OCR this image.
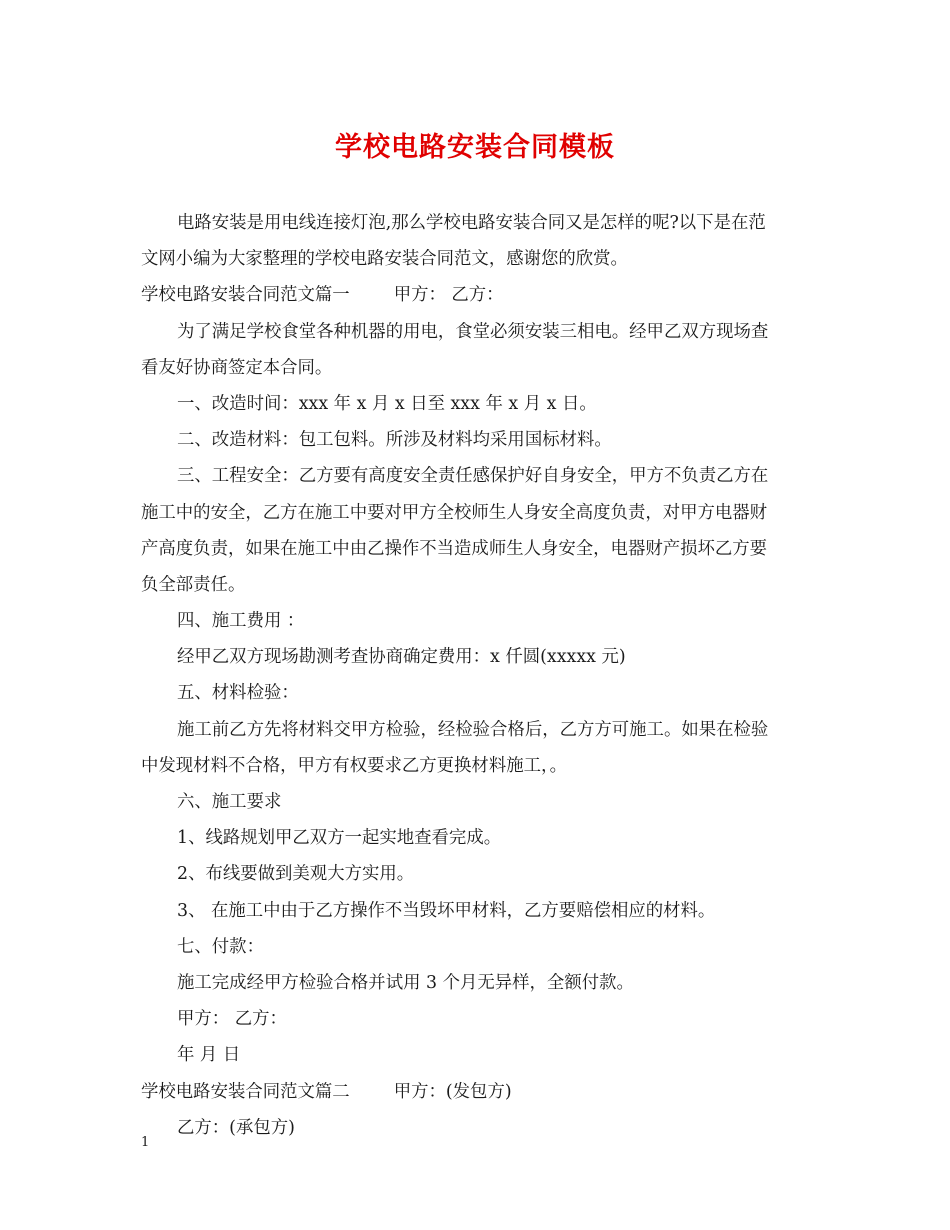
学校电路安装合同模板
电路安装是用电线连接灯泡,那么学校电路安装合同又是怎样的呢?以下是在范
文网小编为大家整理的学校电路安装合同范文，感谢您的欣赏。
学校电路安装合同范文篇一	甲方： 乙方：
为了满足学校食堂各种机器的用电，食堂必须安装三相电。经甲乙双方现场查
看友好协商签定本合同。
一、改造时间：xxx 年 x 月 x 日至 xxx 年 x 月 x 日。
二、改造材料：包工包料。所涉及材料均采用国标材料。
三、工程安全：乙方要有高度安全责任感保护好自身安全，甲方不负责乙方在
施工中的安全，乙方在施工中要对甲方全校师生人身安全高度负责，对甲方电器财
产高度负责，如果在施工中由乙操作不当造成师生人身安全，电器财产损坏乙方要
负全部责任。
四、施工费用 ：
经甲乙双方现场勘测考查协商确定费用：x 仟圆(xxxxx 元)
五、材料检验：
施工前乙方先将材料交甲方检验，经检验合格后，乙方方可施工。如果在检验
中发现材料不合格，甲方有权要求乙方更换材料施工，。
六、施工要求
1、线路规划甲乙双方一起实地查看完成。
2、布线要做到美观大方实用。
3、 在施工中由于乙方操作不当毁坏甲材料，乙方要赔偿相应的材料。
七、付款：
施工完成经甲方检验合格并试用 3 个月无异样，全额付款。
甲方： 乙方：
年 月 日
学校电路安装合同范文篇二	甲方：(发包方)
乙方：(承包方)
1
